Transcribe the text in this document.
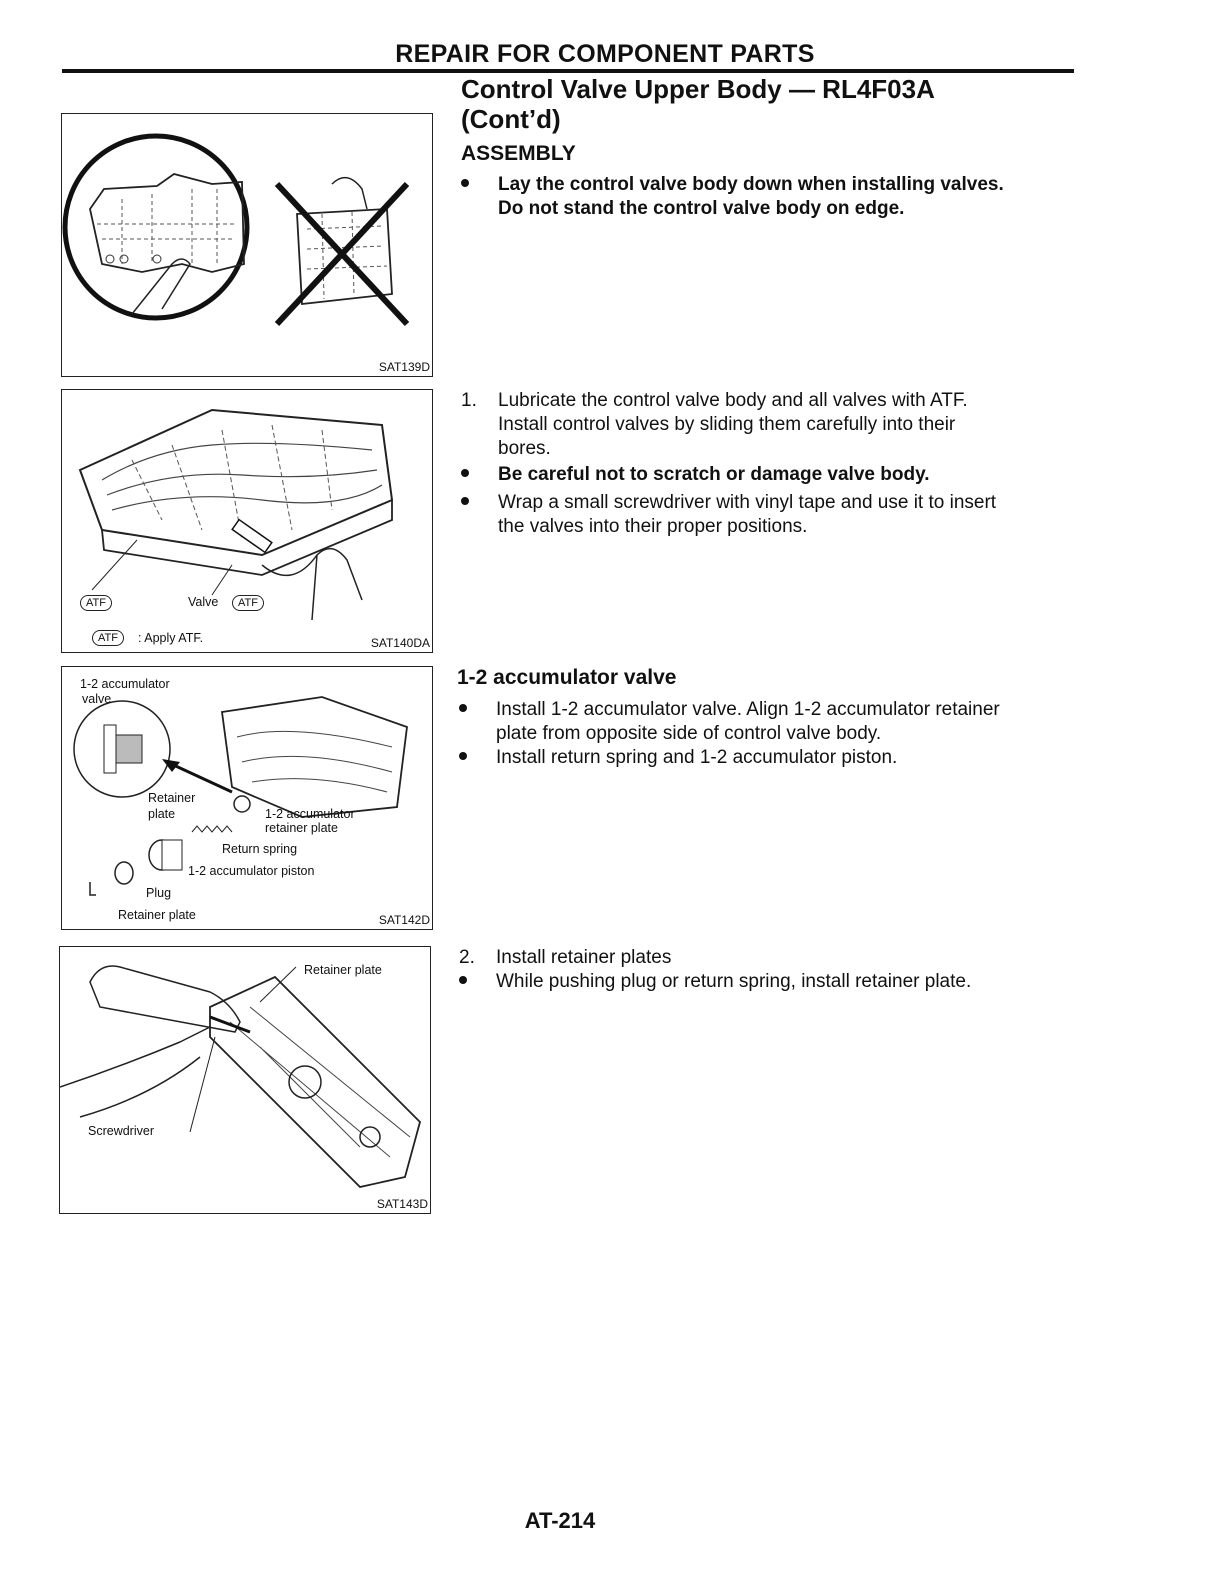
REPAIR FOR COMPONENT PARTS
Control Valve Upper Body — RL4F03A
(Cont’d)
ASSEMBLY
Lay the control valve body down when installing valves.
Do not stand the control valve body on edge.
1.	Lubricate the control valve body and all valves with ATF.
Install control valves by sliding them carefully into their
bores.
Be careful not to scratch or damage valve body.
Wrap a small screwdriver with vinyl tape and use it to insert
the valves into their proper positions.
1-2 accumulator valve
Install 1-2 accumulator valve. Align 1-2 accumulator retainer
plate from opposite side of control valve body.
Install return spring and 1-2 accumulator piston.
2.	Install retainer plates
While pushing plug or return spring, install retainer plate.
SAT139D
ATF	Valve	ATF
ATF	: Apply ATF.	SAT140DA
1-2 accumulator
valve
Retainer
plate	1-2 accumulator
retainer plate
Return spring
1-2 accumulator piston
Plug
Retainer plate	SAT142D
Retainer plate
Screwdriver
SAT143D
AT-214
